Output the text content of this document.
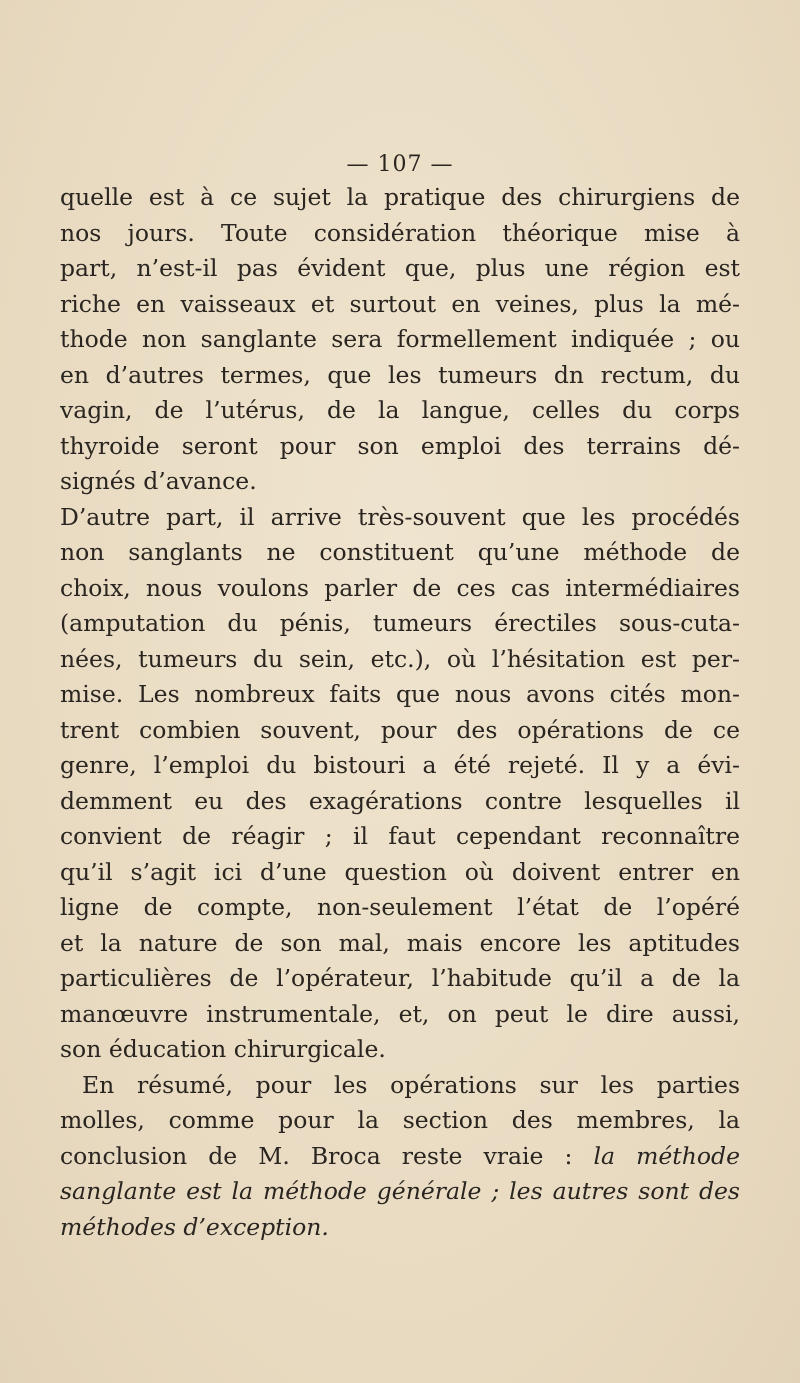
— 107 —
quelle est à ce sujet la pratique des chirurgiens de
nos jours. Toute considération théorique mise à
part, n’est-il pas évident que, plus une région est
riche en vaisseaux et surtout en veines, plus la mé-
thode non sanglante sera formellement indiquée ; ou
en d’autres termes, que les tumeurs dn rectum, du
vagin, de l’utérus, de la langue, celles du corps
thyroide seront pour son emploi des terrains dé-
signés d’avance.
D’autre part, il arrive très-souvent que les procédés
non sanglants ne constituent qu’une méthode de
choix, nous voulons parler de ces cas intermédiaires
(amputation du pénis, tumeurs érectiles sous-cuta-
nées, tumeurs du sein, etc.), où l’hésitation est per-
mise. Les nombreux faits que nous avons cités mon-
trent combien souvent, pour des opérations de ce
genre, l’emploi du bistouri a été rejeté. Il y a évi-
demment eu des exagérations contre lesquelles il
convient de réagir ; il faut cependant reconnaître
qu’il s’agit ici d’une question où doivent entrer en
ligne de compte, non-seulement l’état de l’opéré
et la nature de son mal, mais encore les aptitudes
particulières de l’opérateur, l’habitude qu’il a de la
manœuvre instrumentale, et, on peut le dire aussi,
son éducation chirurgicale.
En résumé, pour les opérations sur les parties
molles, comme pour la section des membres, la
conclusion de M. Broca reste vraie : la méthode
sanglante est la méthode générale ; les autres sont des
méthodes d’exception.
